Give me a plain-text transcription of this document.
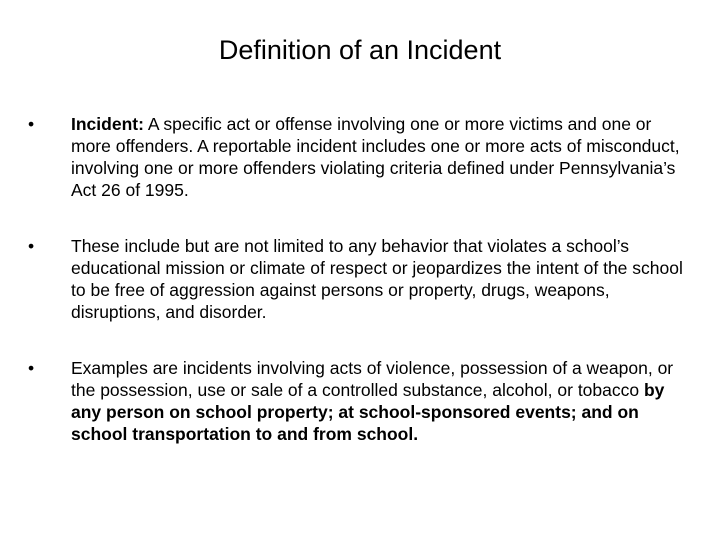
Definition of an Incident
•	Incident: A specific act or offense involving one or more victims and one or more offenders. A reportable incident includes one or more acts of misconduct, involving one or more offenders violating criteria defined under Pennsylvania’s Act 26 of 1995.
•	These include but are not limited to any behavior that violates a school’s educational mission or climate of respect or jeopardizes the intent of the school to be free of aggression against persons or property, drugs, weapons, disruptions, and disorder.
•	Examples are incidents involving acts of violence, possession of a weapon, or the possession, use or sale of a controlled substance, alcohol, or tobacco by any person on school property; at school-sponsored events; and on school transportation to and from school.
